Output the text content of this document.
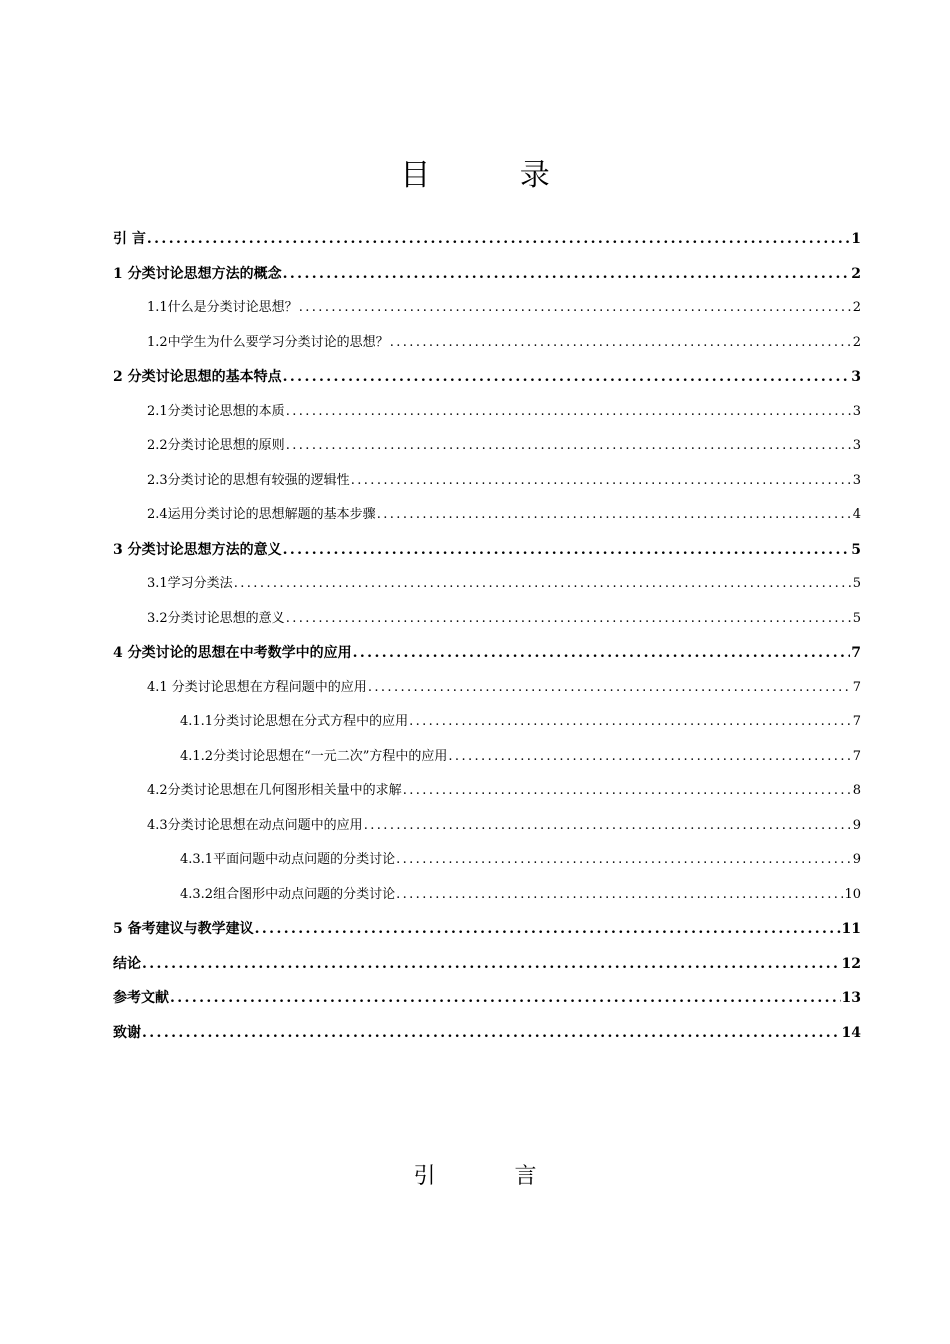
目 录
引 言 .....	1
1 分类讨论思想方法的概念 .....	2
1.1什么是分类讨论思想？ .....	2
1.2中学生为什么要学习分类讨论的思想？ .....	2
2 分类讨论思想的基本特点 .....	3
2.1分类讨论思想的本质 .....	3
2.2分类讨论思想的原则 .....	3
2.3分类讨论的思想有较强的逻辑性 .....	3
2.4运用分类讨论的思想解题的基本步骤 .....	4
3 分类讨论思想方法的意义 .....	5
3.1学习分类法 .....	5
3.2分类讨论思想的意义 .....	5
4 分类讨论的思想在中考数学中的应用 .....	7
4.1 分类讨论思想在方程问题中的应用 .....	7
4.1.1分类讨论思想在分式方程中的应用 .....	7
4.1.2分类讨论思想在“一元二次”方程中的应用 .....	7
4.2分类讨论思想在几何图形相关量中的求解 .....	8
4.3分类讨论思想在动点问题中的应用 .....	9
4.3.1平面问题中动点问题的分类讨论 .....	9
4.3.2组合图形中动点问题的分类讨论 .....	10
5 备考建议与教学建议 .....	11
结论 .....	12
参考文献 .....	13
致谢 .....	14
引 言
